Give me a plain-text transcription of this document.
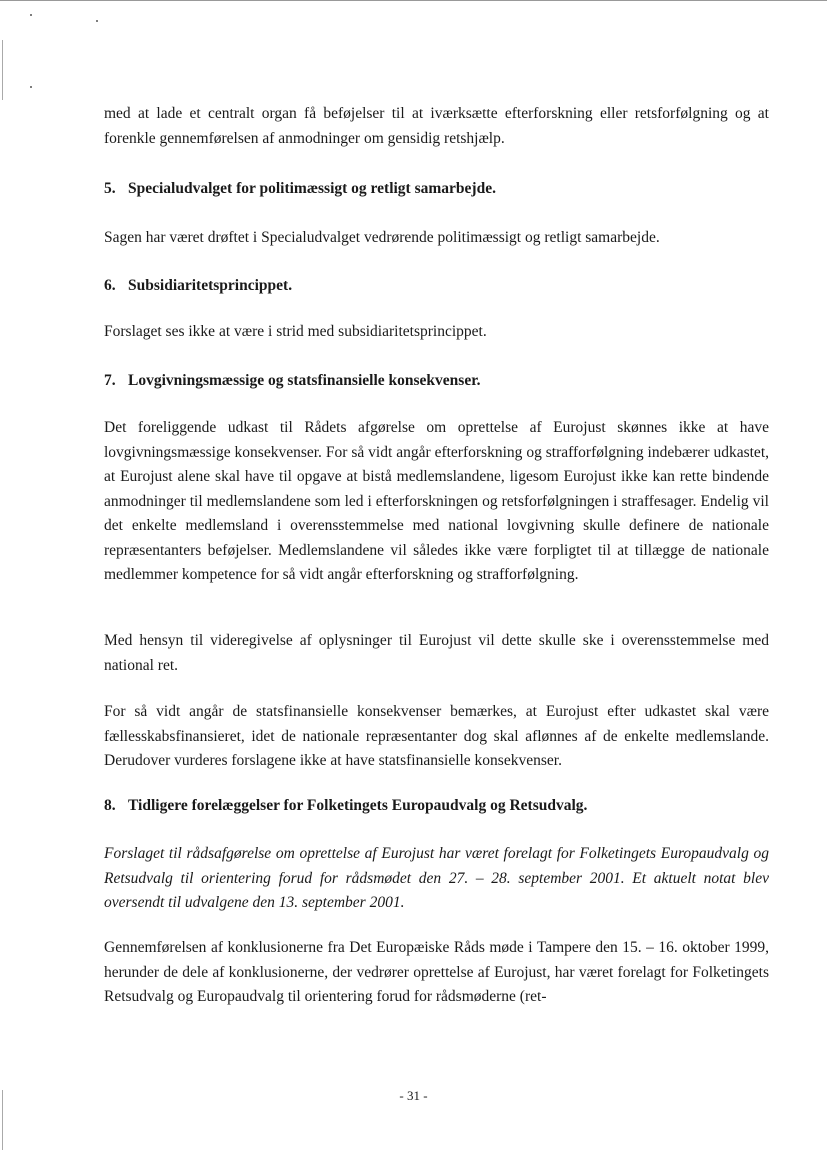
med at lade et centralt organ få beføjelser til at iværksætte efterforskning eller retsforfølgning og at forenkle gennemførelsen af anmodninger om gensidig retshjælp.

5. Specialudvalget for politimæssigt og retligt samarbejde.

Sagen har været drøftet i Specialudvalget vedrørende politimæssigt og retligt samarbejde.

6. Subsidiaritetsprincippet.

Forslaget ses ikke at være i strid med subsidiaritetsprincippet.

7. Lovgivningsmæssige og statsfinansielle konsekvenser.

Det foreliggende udkast til Rådets afgørelse om oprettelse af Eurojust skønnes ikke at have lovgivningsmæssige konsekvenser. For så vidt angår efterforskning og strafforfølgning indebærer udkastet, at Eurojust alene skal have til opgave at bistå medlemslandene, ligesom Eurojust ikke kan rette bindende anmodninger til medlemslandene som led i efterforskningen og retsforfølgningen i straffesager. Endelig vil det enkelte medlemsland i overensstemmelse med national lovgivning skulle definere de nationale repræsentanters beføjelser. Medlemslandene vil således ikke være forpligtet til at tillægge de nationale medlemmer kompetence for så vidt angår efterforskning og strafforfølgning.

Med hensyn til videregivelse af oplysninger til Eurojust vil dette skulle ske i overensstemmelse med national ret.

For så vidt angår de statsfinansielle konsekvenser bemærkes, at Eurojust efter udkastet skal være fællesskabsfinansieret, idet de nationale repræsentanter dog skal aflønnes af de enkelte medlemslande. Derudover vurderes forslagene ikke at have statsfinansielle konsekvenser.

8. Tidligere forelæggelser for Folketingets Europaudvalg og Retsudvalg.

Forslaget til rådsafgørelse om oprettelse af Eurojust har været forelagt for Folketingets Europaudvalg og Retsudvalg til orientering forud for rådsmødet den 27. – 28. september 2001. Et aktuelt notat blev oversendt til udvalgene den 13. september 2001.

Gennemførelsen af konklusionerne fra Det Europæiske Råds møde i Tampere den 15. – 16. oktober 1999, herunder de dele af konklusionerne, der vedrører oprettelse af Eurojust, har været forelagt for Folketingets Retsudvalg og Europaudvalg til orientering forud for rådsmøderne (ret-

- 31 -
